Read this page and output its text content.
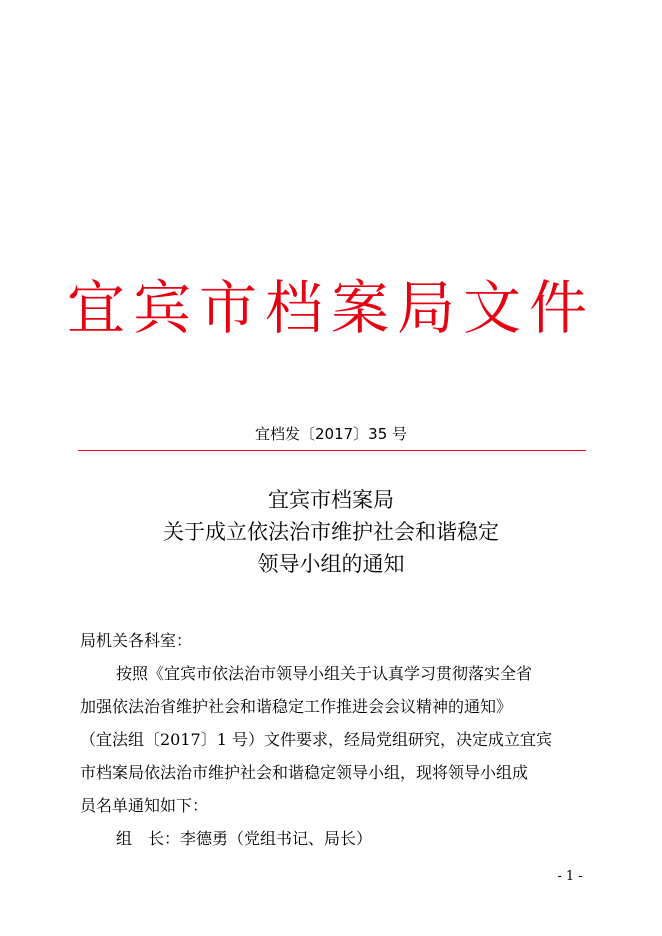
宜宾市档案局文件
宜档发〔2017〕35 号
宜宾市档案局
关于成立依法治市维护社会和谐稳定
领导小组的通知
局机关各科室：
按照《宜宾市依法治市领导小组关于认真学习贯彻落实全省
加强依法治省维护社会和谐稳定工作推进会会议精神的通知》
（宜法组〔2017〕1 号）文件要求，经局党组研究，决定成立宜宾
市档案局依法治市维护社会和谐稳定领导小组，现将领导小组成
员名单通知如下：
组　长：李德勇（党组书记、局长）
- 1 -
